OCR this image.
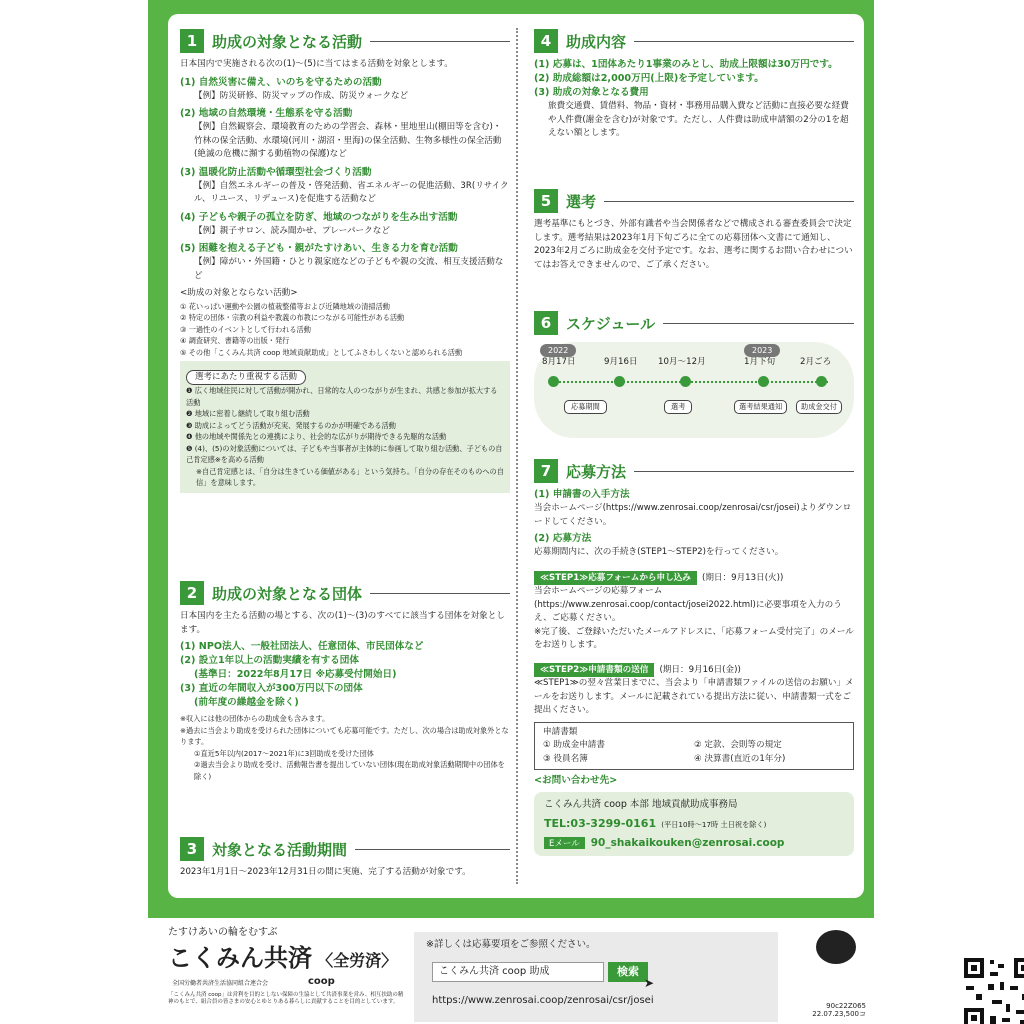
1 助成の対象となる活動
日本国内で実施される次の(1)～(5)に当てはまる活動を対象とします。
(1) 自然災害に備え、いのちを守るための活動
【例】防災研修、防災マップの作成、防災ウォークなど
(2) 地域の自然環境・生態系を守る活動
【例】自然観察会、環境教育のための学習会、森林・里地里山(棚田等を含む)・竹林の保全活動、水環境(河川・湖沼・里海)の保全活動、生物多様性の保全活動(絶滅の危機に瀕する動植物の保護)など
(3) 温暖化防止活動や循環型社会づくり活動
【例】自然エネルギーの普及・啓発活動、省エネルギーの促進活動、3R(リサイクル、リユース、リデュース)を促進する活動など
(4) 子どもや親子の孤立を防ぎ、地域のつながりを生み出す活動
【例】親子サロン、読み聞かせ、プレーパークなど
(5) 困難を抱える子ども・親がたすけあい、生きる力を育む活動
【例】障がい・外国籍・ひとり親家庭などの子どもや親の交流、相互支援活動など
<助成の対象とならない活動>
① 花いっぱい運動や公園の植栽整備等および近隣地域の清掃活動
② 特定の団体・宗教の利益や教義の布教につながる可能性がある活動
③ 一過性のイベントとして行われる活動
④ 調査研究、書籍等の出版・発行
⑤ その他「こくみん共済 coop 地域貢献助成」としてふさわしくないと認められる活動
選考にあたり重視する活動
❶ 広く地域住民に対して活動が開かれ、日常的な人のつながりが生まれ、共感と参加が拡大する活動
❷ 地域に密着し継続して取り組む活動
❸ 助成によってどう活動が充実、発展するのかが明確である活動
❹ 他の地域や関係先との連携により、社会的な広がりが期待できる先駆的な活動
❺ (4)、(5)の対象活動については、子どもや当事者が主体的に参画して取り組む活動、子どもの自己肯定感※を高める活動
※自己肯定感とは、「自分は生きている価値がある」という気持ち。「自分の存在そのものへの自信」を意味します。
2 助成の対象となる団体
日本国内を主たる活動の場とする、次の(1)～(3)のすべてに該当する団体を対象とします。
(1) NPO法人、一般社団法人、任意団体、市民団体など
(2) 設立1年以上の活動実績を有する団体
(基準日：2022年8月17日 ※応募受付開始日)
(3) 直近の年間収入が300万円以下の団体
(前年度の繰越金を除く)
※収入には他の団体からの助成金も含みます。
※過去に当会より助成を受けられた団体についても応募可能です。ただし、次の場合は助成対象外となります。
①直近5年以内(2017～2021年)に3回助成を受けた団体
②過去当会より助成を受け、活動報告書を提出していない団体(現在助成対象活動期間中の団体を除く)
3 対象となる活動期間
2023年1月1日～2023年12月31日の間に実施、完了する活動が対象です。
4 助成内容
(1) 応募は、1団体あたり1事業のみとし、助成上限額は30万円です。
(2) 助成総額は2,000万円(上限)を予定しています。
(3) 助成の対象となる費用
旅費交通費、賃借料、物品・資材・事務用品購入費など活動に直接必要な経費や人件費(謝金を含む)が対象です。ただし、人件費は助成申請額の2分の1を超えない額とします。
5 選考
選考基準にもとづき、外部有識者や当会関係者などで構成される審査委員会で決定します。選考結果は2023年1月下旬ごろに全ての応募団体へ文書にて通知し、2023年2月ごろに助成金を交付予定です。なお、選考に関するお問い合わせについてはお答えできませんので、ご了承ください。
6 スケジュール
2022	2023
8月17日	9月16日 10月～12月	1月下旬	2月ごろ
応募期間	選考	選考結果通知	助成金交付
7 応募方法
(1) 申請書の入手方法
当会ホームページ(https://www.zenrosai.coop/zenrosai/csr/josei)よりダウンロードしてください。
(2) 応募方法
応募期間内に、次の手続き(STEP1～STEP2)を行ってください。
≪STEP1≫応募フォームから申し込み (期日：9月13日(火))
当会ホームページの応募フォーム(https://www.zenrosai.coop/contact/josei2022.html)に必要事項を入力のうえ、ご応募ください。
※完了後、ご登録いただいたメールアドレスに、「応募フォーム受付完了」のメールをお送りします。
≪STEP2≫申請書類の送信 (期日：9月16日(金))
≪STEP1≫の翌々営業日までに、当会より「申請書類ファイルの送信のお願い」メールをお送りします。メールに記載されている提出方法に従い、申請書類一式をご提出ください。
申請書類
① 助成金申請書	② 定款、会則等の規定
③ 役員名簿	④ 決算書(直近の1年分)
<お問い合わせ先>
こくみん共済 coop 本部 地域貢献助成事務局
TEL:03-3299-0161 (平日10時～17時 土日祝を除く)
Eメール 90_shakaikouken@zenrosai.coop
たすけあいの輪をむすぶ
こくみん共済 〈全労済〉
全国労働者共済生活協同組合連合会	coop
「こくみん共済 coop」は営利を目的としない保障の生協として共済事業を営み、相互扶助の精神のもとで、組合員の皆さまの安心とゆとりある暮らしに貢献することを目的としています。
※詳しくは応募要項をご参照ください。
こくみん共済 coop 助成	検索
➤
https://www.zenrosai.coop/zenrosai/csr/josei
VEGETABLE
OIL INK
90c22Z065
22.07.23,500コ
